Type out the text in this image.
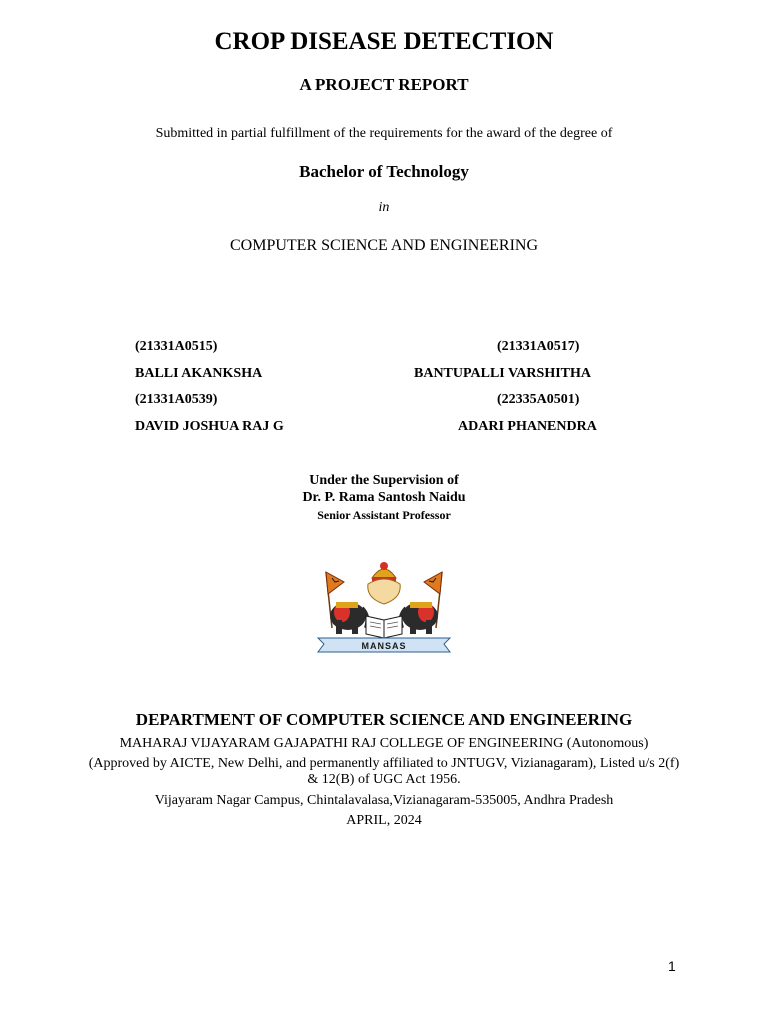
CROP DISEASE DETECTION
A PROJECT REPORT
Submitted in partial fulfillment of the requirements for the award of the degree of
Bachelor of Technology
in
COMPUTER SCIENCE AND ENGINEERING
(21331A0515)
BALLI AKANKSHA
(21331A0539)
DAVID JOSHUA RAJ G
(21331A0517)
BANTUPALLI VARSHITHA
(22335A0501)
ADARI PHANENDRA
Under the Supervision of
Dr. P. Rama Santosh Naidu
Senior Assistant Professor
MANSAS
DEPARTMENT OF COMPUTER SCIENCE AND ENGINEERING
MAHARAJ VIJAYARAM GAJAPATHI RAJ COLLEGE OF ENGINEERING (Autonomous)
(Approved by AICTE, New Delhi, and permanently affiliated to JNTUGV, Vizianagaram), Listed u/s 2(f)
& 12(B) of UGC Act 1956.
Vijayaram Nagar Campus, Chintalavalasa,Vizianagaram-535005, Andhra Pradesh
APRIL, 2024
1
